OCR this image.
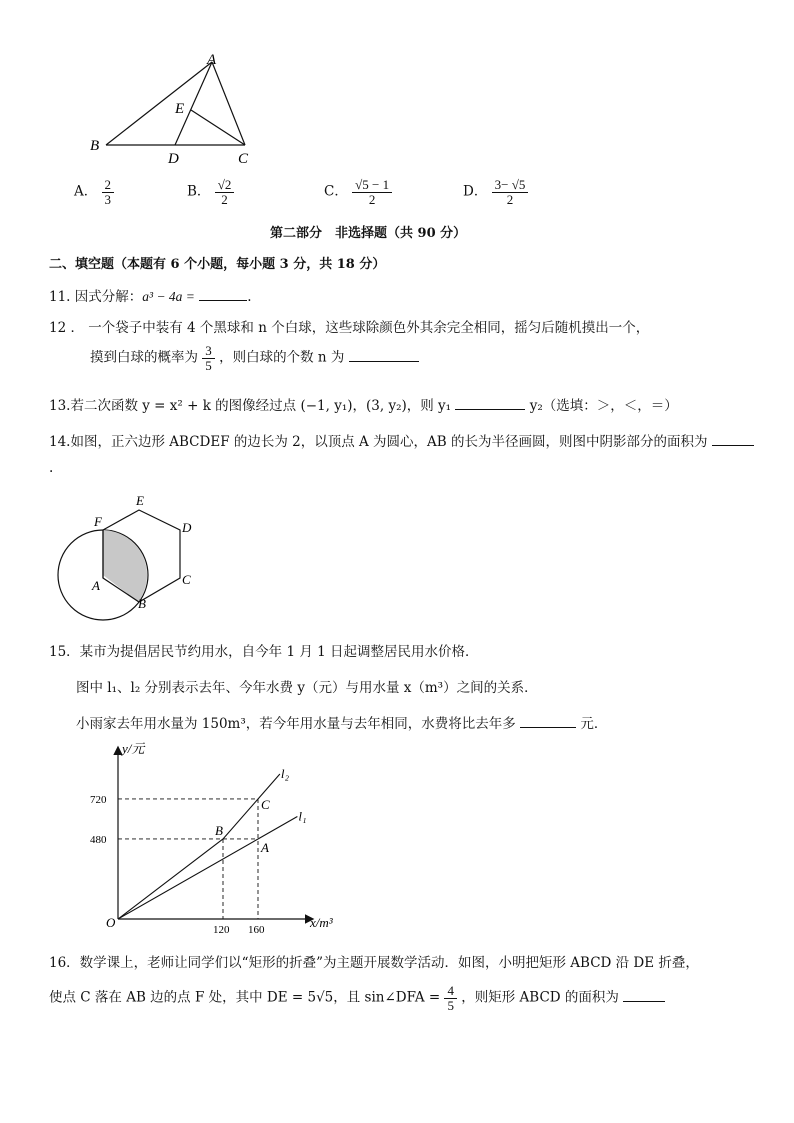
A
E
B
D	C
A． $\frac{2}{3}$	B． $\frac{√2}{2}$	C． $\frac{√5 - 1}{2}$	D． $\frac{3- √5}{2}$
第二部分　非选择题（共 90 分）
二、填空题（本题有 6 个小题，每小题 3 分，共 18 分）
11. 因式分解：a³ − 4a =	.
12 ． 一个袋子中装有 4 个黑球和 n 个白球，这些球除颜色外其余完全相同，摇匀后随机摸出一个，
摸到白球的概率为 $\frac{3}{5}$ ，则白球的个数 n 为
13.若二次函数 y = x² + k 的图像经过点 (−1, y₁)，(3, y₂)，则 y₁	y₂（选填：＞，＜，＝）
14.如图，正六边形 ABCDEF 的边长为 2，以顶点 A 为圆心，AB 的长为半径画圆，则图中阴影部分的面积为
.
E
F	D
C
A
B
15．某市为提倡居民节约用水，自今年 1 月 1 日起调整居民用水价格．
图中 l₁、l₂ 分别表示去年、今年水费 y（元）与用水量 x（m³）之间的关系．
小雨家去年用水量为 150m³，若今年用水量与去年相同，水费将比去年多	元．
l₂
l₁
720
480
120 160
y/元
x/m³
O
B
C
A
16．数学课上，老师让同学们以“矩形的折叠”为主题开展数学活动．如图，小明把矩形 ABCD 沿 DE 折叠，
使点 C 落在 AB 边的点 F 处，其中 DE = 5√5，且 sin∠DFA = $\frac{4}{5}$ ，则矩形 ABCD 的面积为
